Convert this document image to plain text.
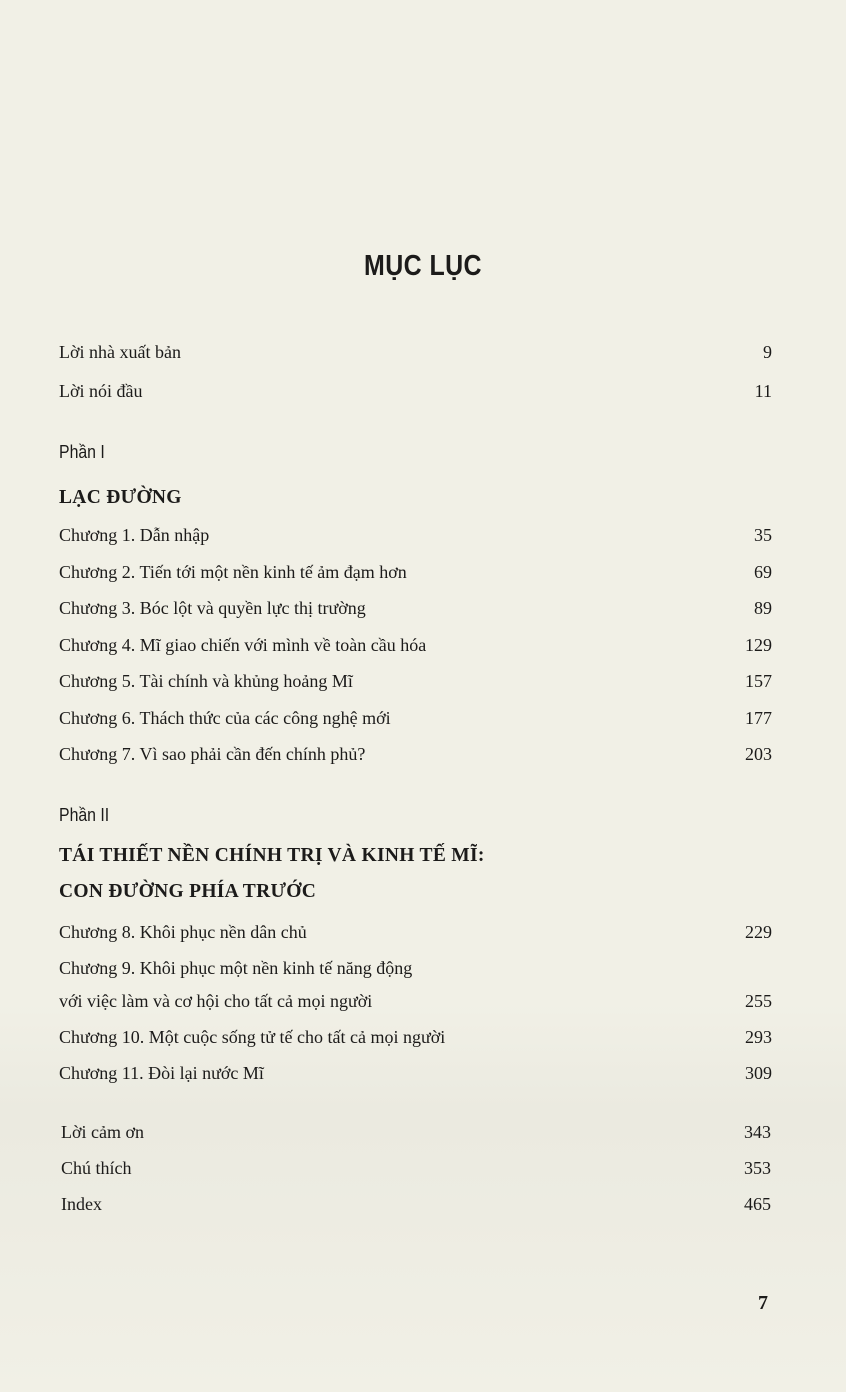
MỤC LỤC
Lời nhà xuất bản	9
Lời nói đầu	11
Phần I
LẠC ĐƯỜNG
Chương 1. Dẫn nhập	35
Chương 2. Tiến tới một nền kinh tế ảm đạm hơn	69
Chương 3. Bóc lột và quyền lực thị trường	89
Chương 4. Mĩ giao chiến với mình về toàn cầu hóa	129
Chương 5. Tài chính và khủng hoảng Mĩ	157
Chương 6. Thách thức của các công nghệ mới	177
Chương 7. Vì sao phải cần đến chính phủ?	203
Phần II
TÁI THIẾT NỀN CHÍNH TRỊ VÀ KINH TẾ MĨ:
CON ĐƯỜNG PHÍA TRƯỚC
Chương 8. Khôi phục nền dân chủ	229
Chương 9. Khôi phục một nền kinh tế năng động
với việc làm và cơ hội cho tất cả mọi người	255
Chương 10. Một cuộc sống tử tế cho tất cả mọi người	293
Chương 11. Đòi lại nước Mĩ	309
Lời cảm ơn	343
Chú thích	353
Index	465
7
